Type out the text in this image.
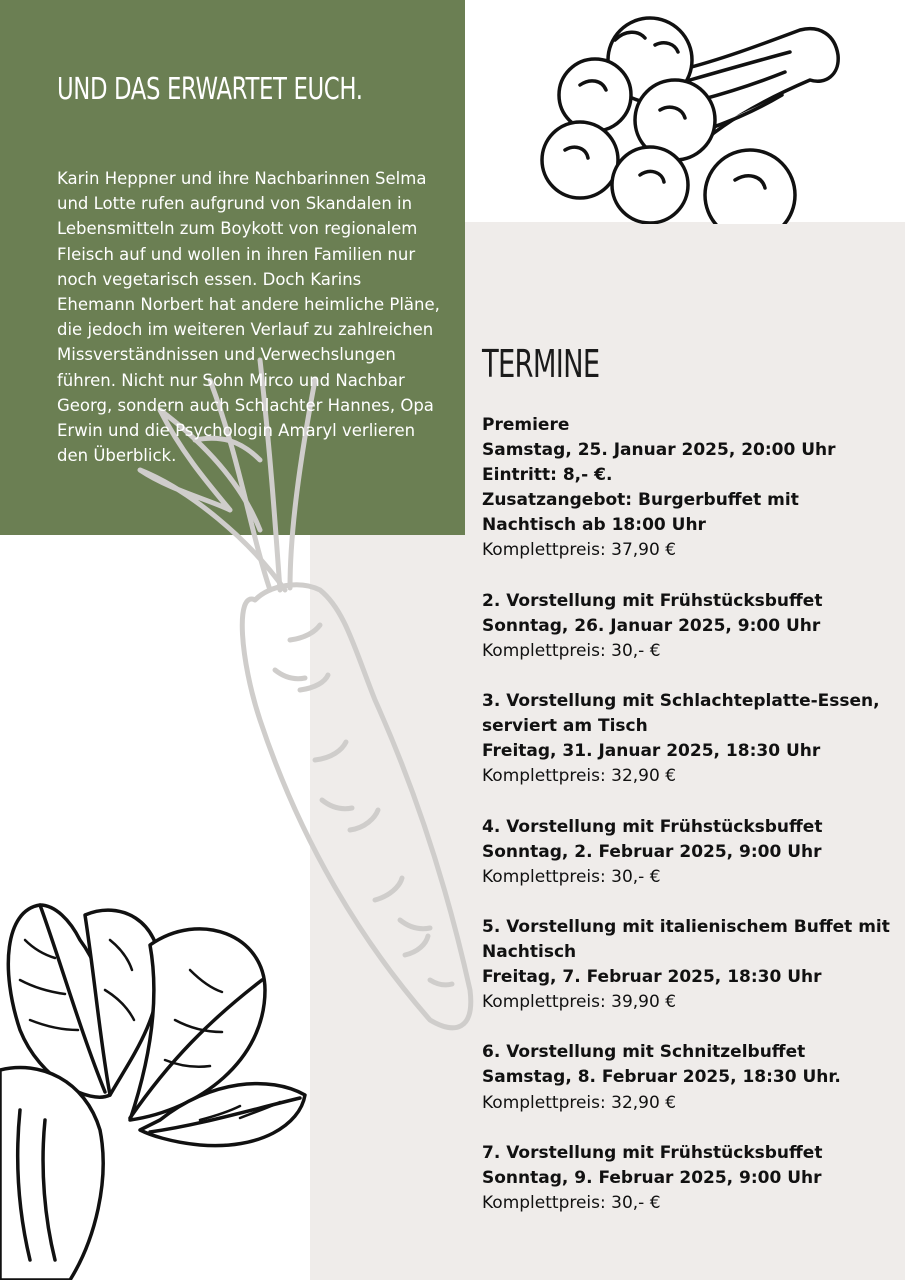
UND DAS ERWARTET EUCH.

Karin Heppner und ihre Nachbarinnen Selma und Lotte rufen aufgrund von Skandalen in Lebensmitteln zum Boykott von regionalem Fleisch auf und wollen in ihren Familien nur noch vegetarisch essen. Doch Karins Ehemann Norbert hat andere heimliche Pläne, die jedoch im weiteren Verlauf zu zahlreichen Missverständnissen und Verwechslungen führen. Nicht nur Sohn Mirco und Nachbar Georg, sondern auch Schlachter Hannes, Opa Erwin und die Psychologin Amaryl verlieren den Überblick.

TERMINE
Premiere
Samstag, 25. Januar 2025, 20:00 Uhr
Eintritt: 8,- €.
Zusatzangebot: Burgerbuffet mit Nachtisch ab 18:00 Uhr
Komplettpreis: 37,90 €
2. Vorstellung mit Frühstücksbuffet
Sonntag, 26. Januar 2025, 9:00 Uhr
Komplettpreis: 30,- €
3. Vorstellung mit Schlachteplatte-Essen, serviert am Tisch
Freitag, 31. Januar 2025, 18:30 Uhr
Komplettpreis: 32,90 €
4. Vorstellung mit Frühstücksbuffet
Sonntag, 2. Februar 2025, 9:00 Uhr
Komplettpreis: 30,- €
5. Vorstellung mit italienischem Buffet mit Nachtisch
Freitag, 7. Februar 2025, 18:30 Uhr
Komplettpreis: 39,90 €
6. Vorstellung mit Schnitzelbuffet
Samstag, 8. Februar 2025, 18:30 Uhr.
Komplettpreis: 32,90 €
7. Vorstellung mit Frühstücksbuffet
Sonntag, 9. Februar 2025, 9:00 Uhr
Komplettpreis: 30,- €
